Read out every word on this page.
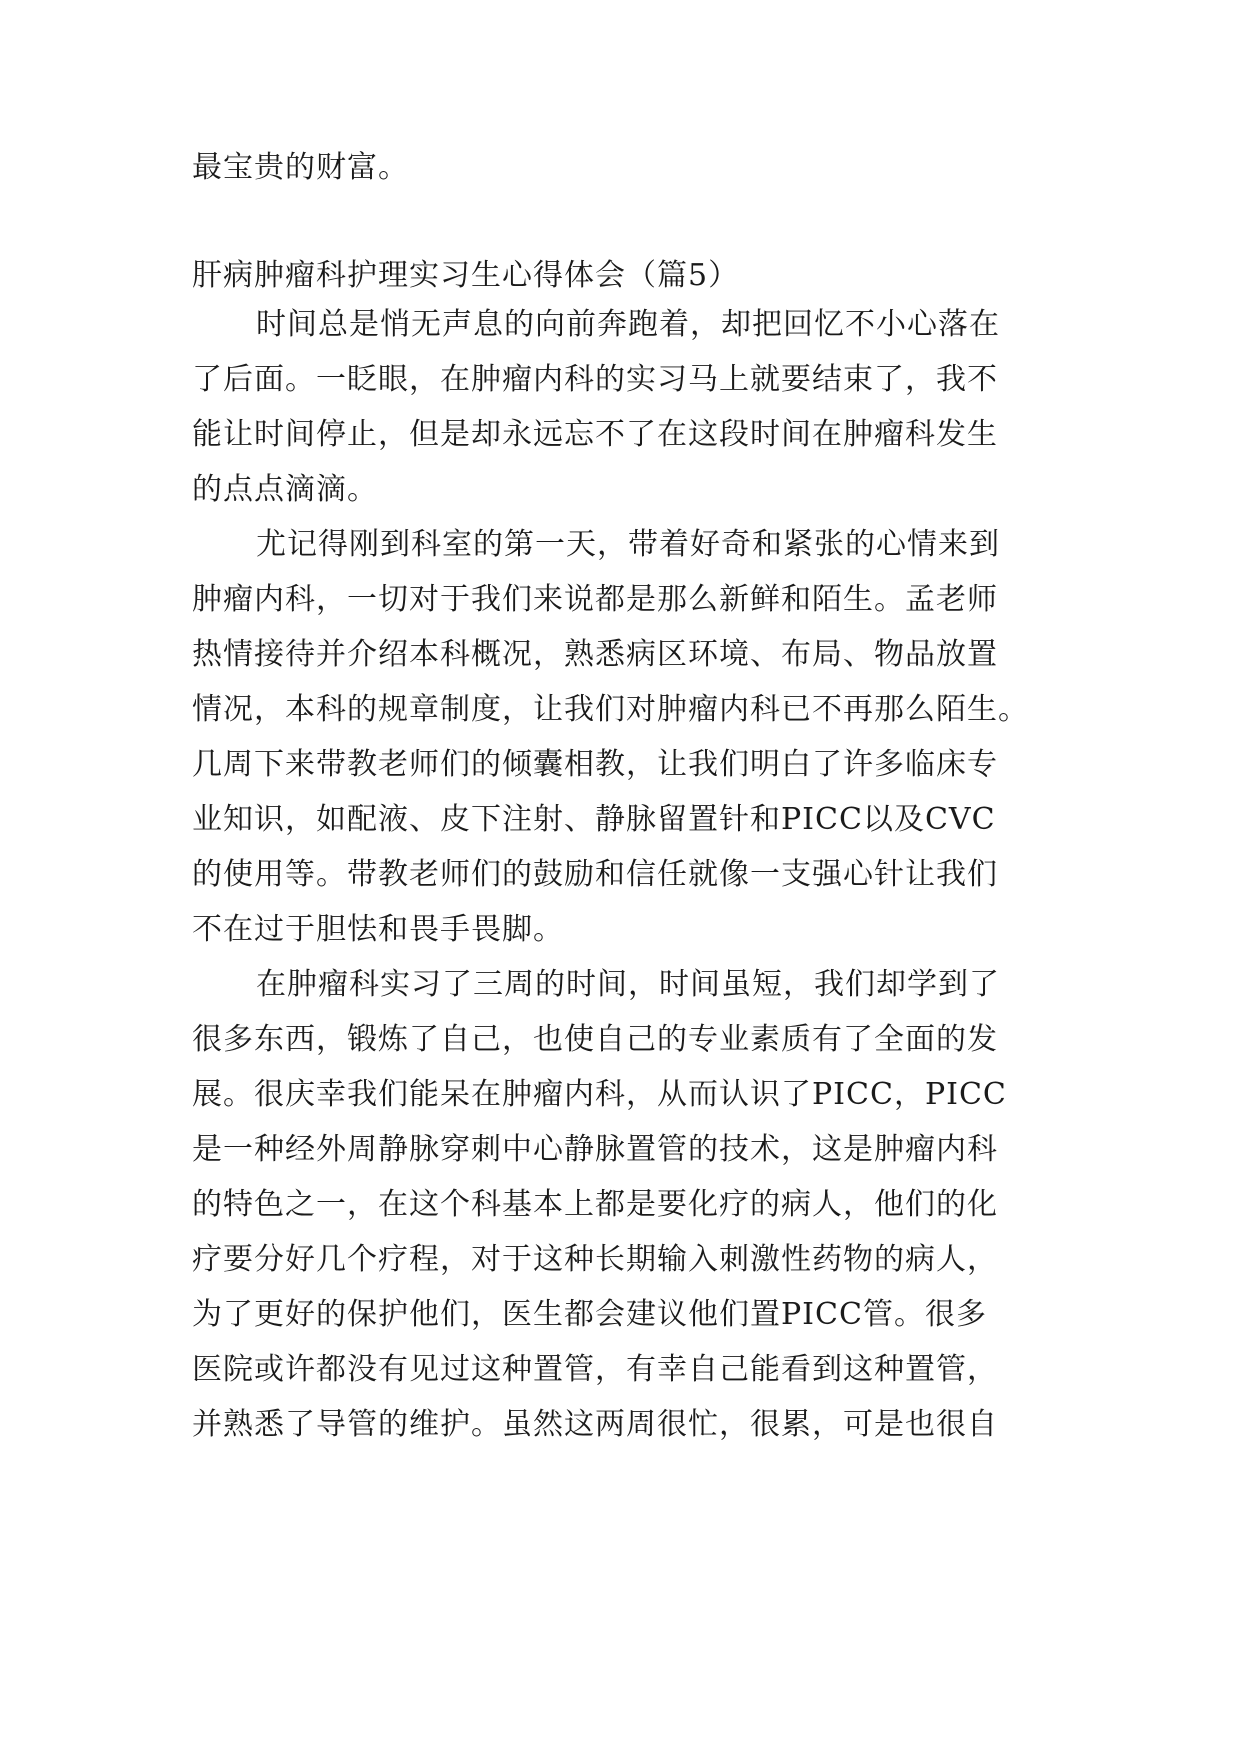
最宝贵的财富。
肝病肿瘤科护理实习生心得体会（篇5）
时间总是悄无声息的向前奔跑着，却把回忆不小心落在
了后面。一眨眼，在肿瘤内科的实习马上就要结束了，我不
能让时间停止，但是却永远忘不了在这段时间在肿瘤科发生
的点点滴滴。
尤记得刚到科室的第一天，带着好奇和紧张的心情来到
肿瘤内科，一切对于我们来说都是那么新鲜和陌生。孟老师
热情接待并介绍本科概况，熟悉病区环境、布局、物品放置
情况，本科的规章制度，让我们对肿瘤内科已不再那么陌生。
几周下来带教老师们的倾囊相教，让我们明白了许多临床专
业知识，如配液、皮下注射、静脉留置针和PICC以及CVC
的使用等。带教老师们的鼓励和信任就像一支强心针让我们
不在过于胆怯和畏手畏脚。
在肿瘤科实习了三周的时间，时间虽短，我们却学到了
很多东西，锻炼了自己，也使自己的专业素质有了全面的发
展。很庆幸我们能呆在肿瘤内科，从而认识了PICC，PICC
是一种经外周静脉穿刺中心静脉置管的技术，这是肿瘤内科
的特色之一，在这个科基本上都是要化疗的病人，他们的化
疗要分好几个疗程，对于这种长期输入刺激性药物的病人，
为了更好的保护他们，医生都会建议他们置PICC管。很多
医院或许都没有见过这种置管，有幸自己能看到这种置管，
并熟悉了导管的维护。虽然这两周很忙，很累，可是也很自
